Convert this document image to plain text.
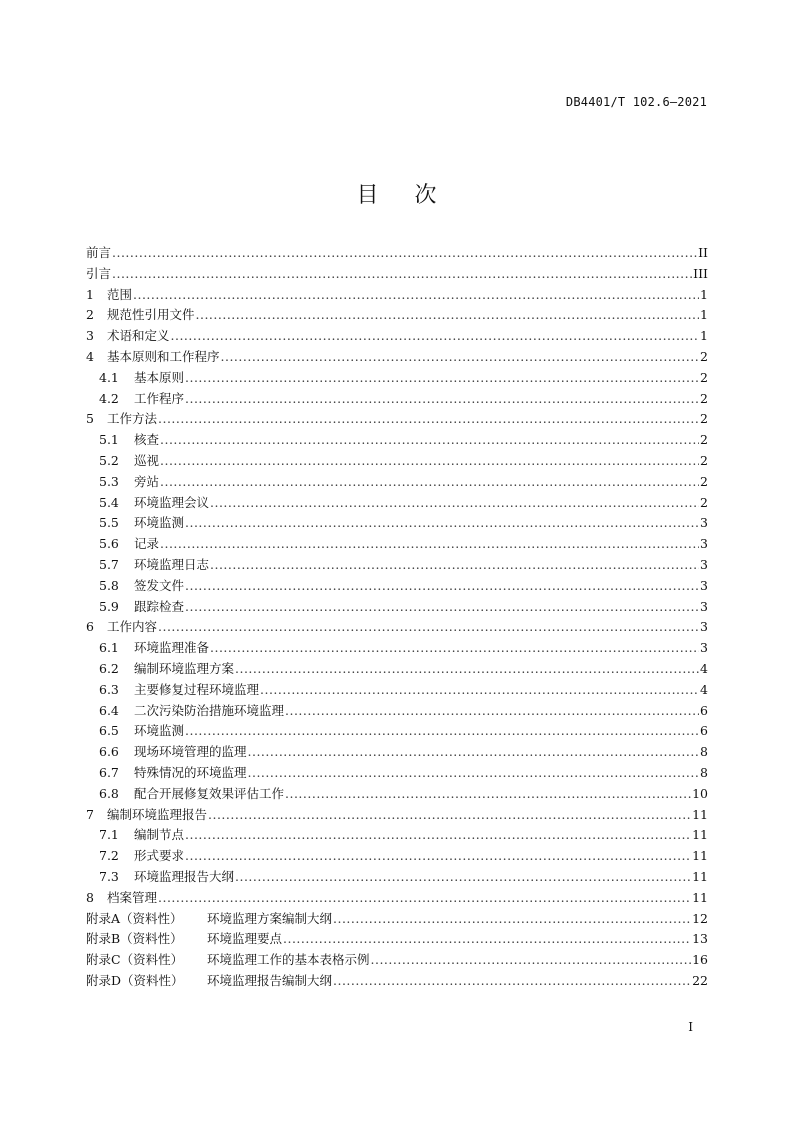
DB4401/T 102.6—2021
目次
前言 .....	II
引言 .....	III
1	范围 .....	1
2	规范性引用文件 .....	1
3	术语和定义 .....	1
4	基本原则和工作程序 .....	2
4.1	基本原则 .....	2
4.2	工作程序 .....	2
5	工作方法 .....	2
5.1	核查 .....	2
5.2	巡视 .....	2
5.3	旁站 .....	2
5.4	环境监理会议 .....	2
5.5	环境监测 .....	3
5.6	记录 .....	3
5.7	环境监理日志 .....	3
5.8	签发文件 .....	3
5.9	跟踪检查 .....	3
6	工作内容 .....	3
6.1	环境监理准备 .....	3
6.2	编制环境监理方案 .....	4
6.3	主要修复过程环境监理 .....	4
6.4	二次污染防治措施环境监理 .....	6
6.5	环境监测 .....	6
6.6	现场环境管理的监理 .....	8
6.7	特殊情况的环境监理 .....	8
6.8	配合开展修复效果评估工作 .....	10
7	编制环境监理报告 .....	11
7.1	编制节点 .....	11
7.2	形式要求 .....	11
7.3	环境监理报告大纲 .....	11
8	档案管理 .....	11
附录A（资料性）	环境监理方案编制大纲 .....	12
附录B（资料性）	环境监理要点 .....	13
附录C（资料性）	环境监理工作的基本表格示例 .....	16
附录D（资料性）	环境监理报告编制大纲 .....	22
I
